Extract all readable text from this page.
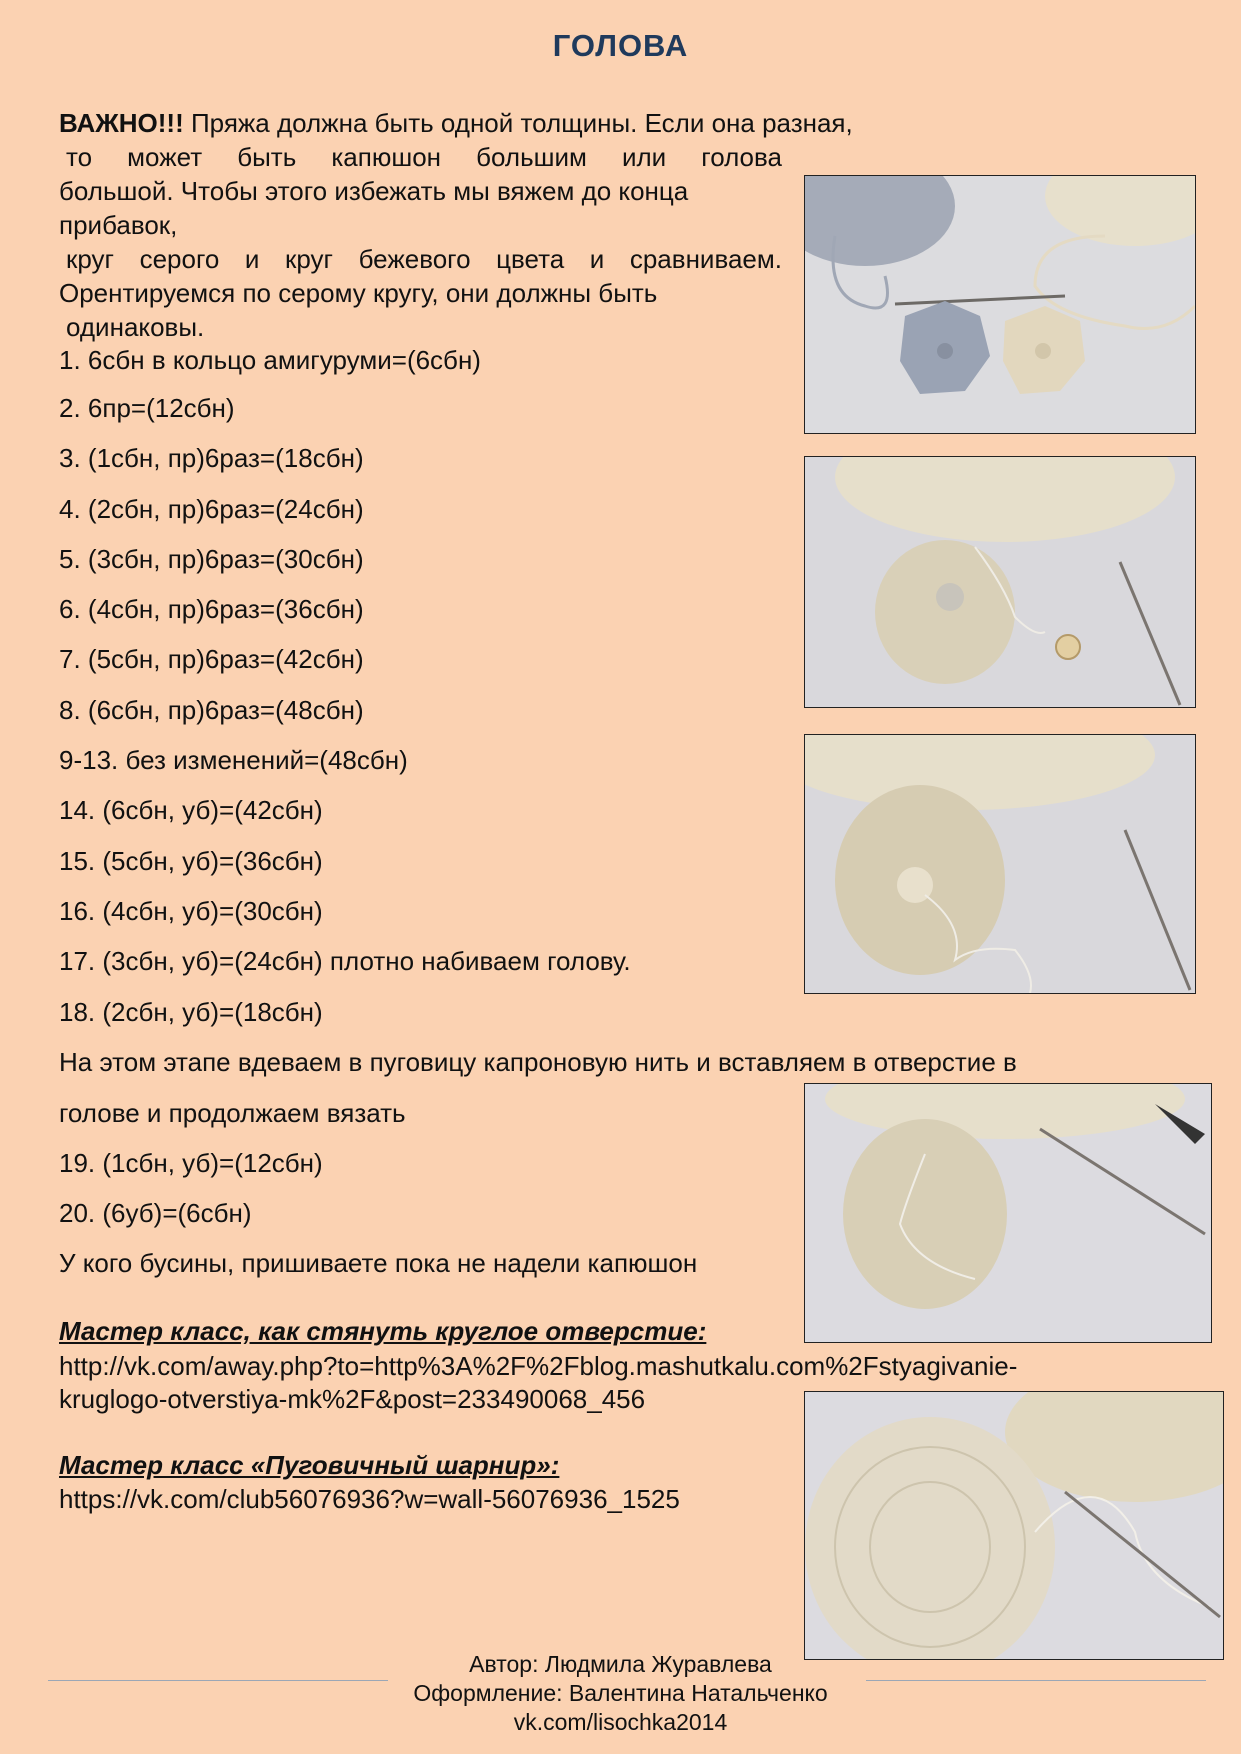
ГОЛОВА
ВАЖНО!!! Пряжа должна быть одной толщины. Если она разная,
то может быть капюшон большим или голова
большой. Чтобы этого избежать мы вяжем до конца
прибавок,
круг серого и круг бежевого цвета и сравниваем.
Орентируемся по серому кругу, они должны быть
одинаковы.
1. 6сбн в кольцо амигуруми=(6сбн)
2. 6пр=(12сбн)
3. (1сбн, пр)6раз=(18сбн)
4. (2сбн, пр)6раз=(24сбн)
5. (3сбн, пр)6раз=(30сбн)
6. (4сбн, пр)6раз=(36сбн)
7. (5сбн, пр)6раз=(42сбн)
8. (6сбн, пр)6раз=(48сбн)
9-13. без изменений=(48сбн)
14. (6сбн, уб)=(42сбн)
15. (5сбн, уб)=(36сбн)
16. (4сбн, уб)=(30сбн)
17. (3сбн, уб)=(24сбн) плотно набиваем голову.
18. (2сбн, уб)=(18сбн)
На этом этапе вдеваем в пуговицу капроновую нить и вставляем в отверстие в
голове и продолжаем вязать
19. (1сбн, уб)=(12сбн)
20. (6уб)=(6сбн)
У кого бусины, пришиваете пока не надели капюшон
Мастер класс, как стянуть круглое отверстие:
http://vk.com/away.php?to=http%3A%2F%2Fblog.mashutkalu.com%2Fstyagivanie-
kruglogo-otverstiya-mk%2F&post=233490068_456
Мастер класс «Пуговичный шарнир»:
https://vk.com/club56076936?w=wall-56076936_1525
Автор: Людмила Журавлева
Оформление: Валентина Натальченко
vk.com/lisochka2014
